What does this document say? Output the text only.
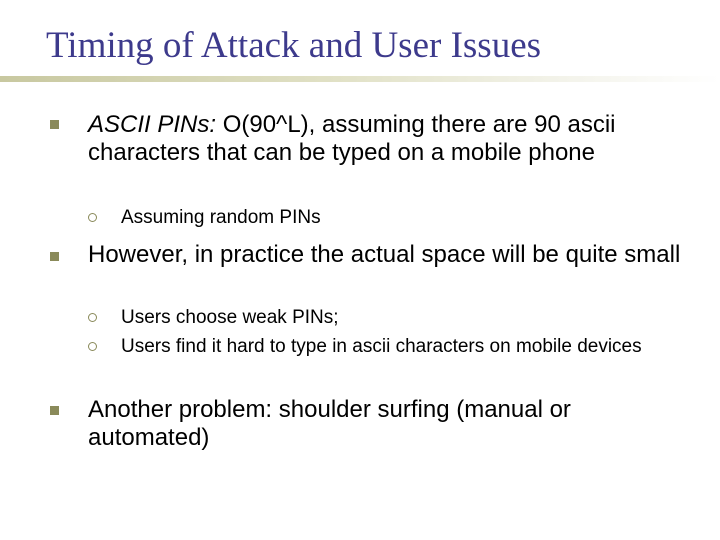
Timing of Attack and User Issues
ASCII PINs: O(90^L), assuming there are 90 ascii characters that can be typed on a mobile phone
Assuming random PINs
However, in practice the actual space will be quite small
Users choose weak PINs;
Users find it hard to type in ascii characters on mobile devices
Another problem: shoulder surfing (manual or automated)
